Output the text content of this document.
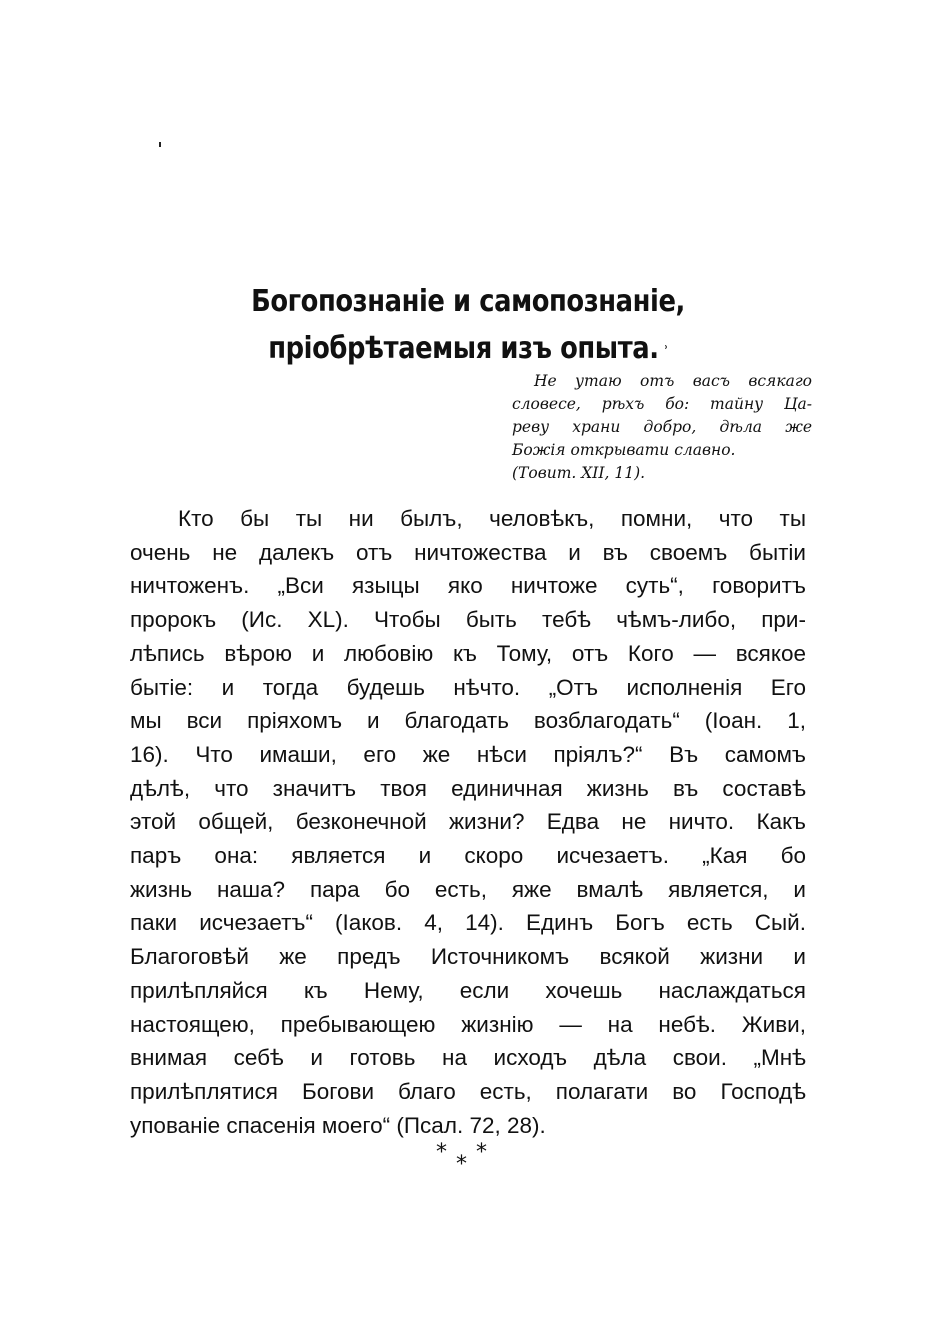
Богопознаніе и самопознаніе, пріобрѣтаемыя изъ опыта. ˒
Не утаю отъ васъ всякаго
словесе, рѣхъ бо: тайну Ца-
реву храни добро, дѣла же
Божія открывати славно.
(Товит. XII, 11).
Кто бы ты ни былъ, человѣкъ, помни, что ты
очень не далекъ отъ ничтожества и въ своемъ бытіи
ничтоженъ. „Вси языцы яко ничтоже суть“, говоритъ
пророкъ (Ис. XL). Чтобы быть тебѣ чѣмъ-либо, при-
лѣпись вѣрою и любовію къ Тому, отъ Кого — всякое
бытіе: и тогда будешь нѣчто. „Отъ исполненія Его
мы вси пріяхомъ и благодать возблагодать“ (Іоан. 1,
16). Что имаши, его же нѣси пріялъ?“ Въ самомъ
дѣлѣ, что значитъ твоя единичная жизнь въ составѣ
этой общей, безконечной жизни? Едва не ничто. Какъ
паръ она: является и скоро исчезаетъ. „Кая бо
жизнь наша? пара бо есть, яже вмалѣ является, и
паки исчезаетъ“ (Іаков. 4, 14). Единъ Богъ есть Сый.
Благоговѣй же предъ Источникомъ всякой жизни и
прилѣпляйся къ Нему, если хочешь наслаждаться
настоящею, пребывающею жизнію — на небѣ. Живи,
внимая себѣ и готовь на исходъ дѣла свои. „Мнѣ
прилѣплятися Богови благо есть, полагати во Господѣ
упованіе спасенія моего“ (Псал. 72, 28).
* * *
